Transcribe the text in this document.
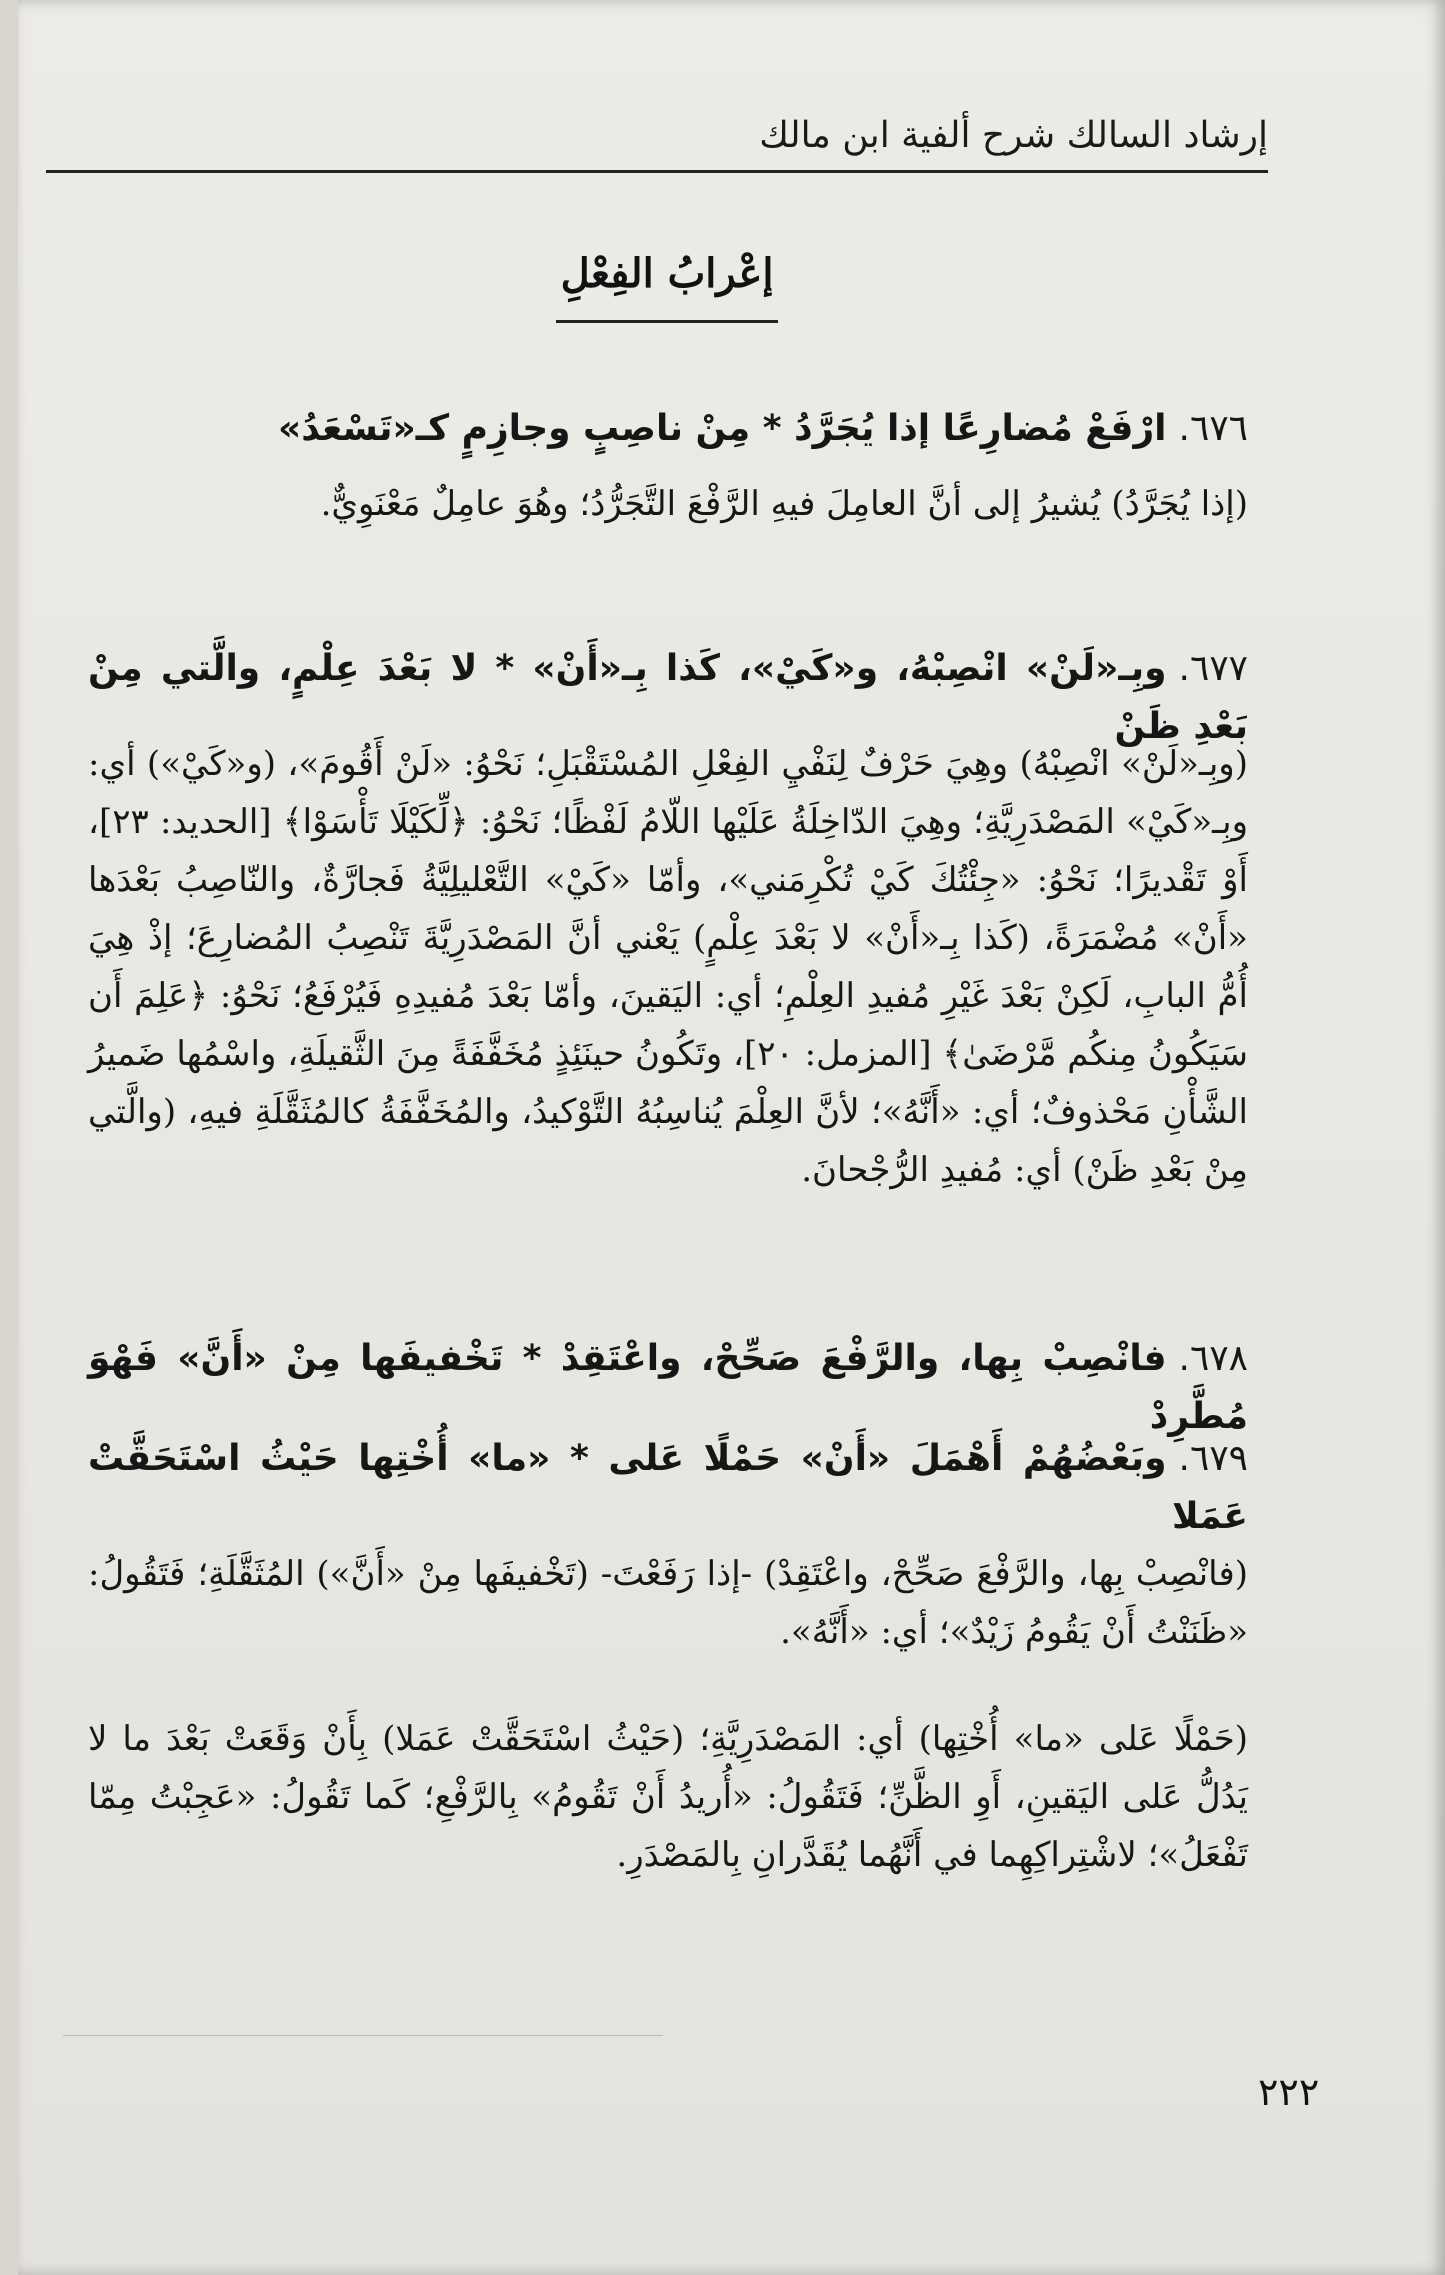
إرشاد السالك شرح ألفية ابن مالك
إعْرابُ الفِعْلِ
٦٧٦.ارْفَعْ مُضارِعًا إذا يُجَرَّدُ * مِنْ ناصِبٍ وجازِمٍ كـ«تَسْعَدُ»
(إذا يُجَرَّدُ) يُشيرُ إلى أنَّ العامِلَ فيهِ الرَّفْعَ التَّجَرُّدُ؛ وهُوَ عامِلٌ مَعْنَوِيٌّ.
٦٧٧.وبِـ«لَنْ» انْصِبْهُ، و«كَيْ»، كَذا بِـ«أَنْ» * لا بَعْدَ عِلْمٍ، والَّتي مِنْ بَعْدِ ظَنْ
(وبِـ«لَنْ» انْصِبْهُ) وهِيَ حَرْفٌ لِنَفْيِ الفِعْلِ المُسْتَقْبَلِ؛ نَحْوُ: «لَنْ أَقُومَ»، (و«كَيْ») أي: وبِـ«كَيْ» المَصْدَرِيَّةِ؛ وهِيَ الدّاخِلَةُ عَلَيْها اللّامُ لَفْظًا؛ نَحْوُ: ﴿لِّكَيْلَا تَأْسَوْا﴾ [الحديد: ٢٣]، أَوْ تَقْديرًا؛ نَحْوُ: «جِئْتُكَ كَيْ تُكْرِمَني»، وأمّا «كَيْ» التَّعْليلِيَّةُ فَجارَّةٌ، والنّاصِبُ بَعْدَها «أَنْ» مُضْمَرَةً، (كَذا بِـ«أَنْ» لا بَعْدَ عِلْمٍ) يَعْني أنَّ المَصْدَرِيَّةَ تَنْصِبُ المُضارِعَ؛ إذْ هِيَ أُمُّ البابِ، لَكِنْ بَعْدَ غَيْرِ مُفيدِ العِلْمِ؛ أي: اليَقينَ، وأمّا بَعْدَ مُفيدِهِ فَيُرْفَعُ؛ نَحْوُ: ﴿عَلِمَ أَن سَيَكُونُ مِنكُم مَّرْضَىٰ﴾ [المزمل: ٢٠]، وتَكُونُ حينَئِذٍ مُخَفَّفَةً مِنَ الثَّقيلَةِ، واسْمُها ضَميرُ الشَّأْنِ مَحْذوفٌ؛ أي: «أَنَّهُ»؛ لأنَّ العِلْمَ يُناسِبُهُ التَّوْكيدُ، والمُخَفَّفَةُ كالمُثَقَّلَةِ فيهِ، (والَّتي مِنْ بَعْدِ ظَنْ) أي: مُفيدِ الرُّجْحانَ.
٦٧٨.فانْصِبْ بِها، والرَّفْعَ صَحِّحْ، واعْتَقِدْ * تَخْفيفَها مِنْ «أَنَّ» فَهْوَ مُطَّرِدْ
٦٧٩.وبَعْضُهُمْ أَهْمَلَ «أَنْ» حَمْلًا عَلى * «ما» أُخْتِها حَيْثُ اسْتَحَقَّتْ عَمَلا
(فانْصِبْ بِها، والرَّفْعَ صَحِّحْ، واعْتَقِدْ) -إذا رَفَعْتَ- (تَخْفيفَها مِنْ «أَنَّ») المُثَقَّلَةِ؛ فَتَقُولُ: «ظَنَنْتُ أَنْ يَقُومُ زَيْدٌ»؛ أي: «أَنَّهُ».
(حَمْلًا عَلى «ما» أُخْتِها) أي: المَصْدَرِيَّةِ؛ (حَيْثُ اسْتَحَقَّتْ عَمَلا) بِأَنْ وَقَعَتْ بَعْدَ ما لا يَدُلُّ عَلى اليَقينِ، أَوِ الظَّنِّ؛ فَتَقُولُ: «أُريدُ أَنْ تَقُومُ» بِالرَّفْعِ؛ كَما تَقُولُ: «عَجِبْتُ مِمّا تَفْعَلُ»؛ لاشْتِراكِهِما في أَنَّهُما يُقَدَّرانِ بِالمَصْدَرِ.
٢٢٢
